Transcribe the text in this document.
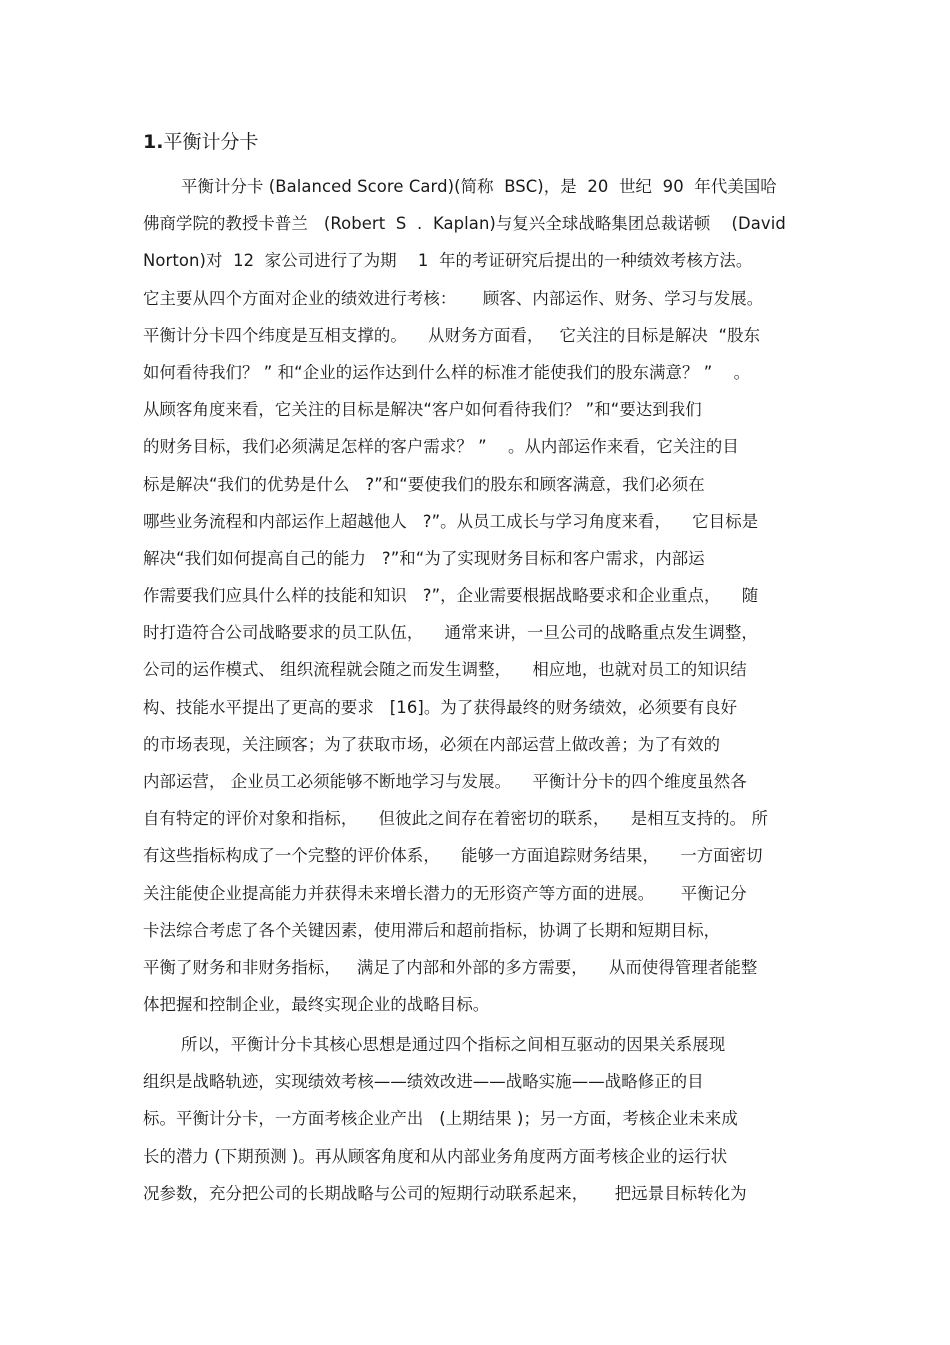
1.平衡计分卡
平衡计分卡 (Balanced Score Card)(简称  BSC)，是  20  世纪  90  年代美国哈
佛商学院的教授卡普兰   (Robert  S  .  Kaplan)与复兴全球战略集团总裁诺顿    (David
Norton)对  12  家公司进行了为期    1  年的考证研究后提出的一种绩效考核方法。
它主要从四个方面对企业的绩效进行考核：     顾客、内部运作、财务、学习与发展。
平衡计分卡四个纬度是互相支撑的。    从财务方面看，   它关注的目标是解决  “股东
如何看待我们？ ” 和“企业的运作达到什么样的标准才能使我们的股东满意？ ”    。
从顾客角度来看，它关注的目标是解决“客户如何看待我们？ ”和“要达到我们
的财务目标，我们必须满足怎样的客户需求？ ”    。从内部运作来看，它关注的目
标是解决“我们的优势是什么   ?”和“要使我们的股东和顾客满意，我们必须在
哪些业务流程和内部运作上超越他人   ?”。从员工成长与学习角度来看，    它目标是
解决“我们如何提高自己的能力   ?”和“为了实现财务目标和客户需求，内部运
作需要我们应具什么样的技能和知识   ?”，企业需要根据战略要求和企业重点，    随
时打造符合公司战略要求的员工队伍，    通常来讲，一旦公司的战略重点发生调整，
公司的运作模式、 组织流程就会随之而发生调整，    相应地，也就对员工的知识结
构、技能水平提出了更高的要求   [16]。为了获得最终的财务绩效，必须要有良好
的市场表现，关注顾客；为了获取市场，必须在内部运营上做改善；为了有效的
内部运营， 企业员工必须能够不断地学习与发展。    平衡计分卡的四个维度虽然各
自有特定的评价对象和指标，    但彼此之间存在着密切的联系，    是相互支持的。 所
有这些指标构成了一个完整的评价体系，    能够一方面追踪财务结果，    一方面密切
关注能使企业提高能力并获得未来增长潜力的无形资产等方面的进展。     平衡记分
卡法综合考虑了各个关键因素，使用滞后和超前指标，协调了长期和短期目标，
平衡了财务和非财务指标，   满足了内部和外部的多方需要，    从而使得管理者能整
体把握和控制企业，最终实现企业的战略目标。
所以，平衡计分卡其核心思想是通过四个指标之间相互驱动的因果关系展现
组织是战略轨迹，实现绩效考核——绩效改进——战略实施——战略修正的目
标。平衡计分卡，一方面考核企业产出   (上期结果 )；另一方面，考核企业未来成
长的潜力 (下期预测 )。再从顾客角度和从内部业务角度两方面考核企业的运行状
况参数，充分把公司的长期战略与公司的短期行动联系起来，     把远景目标转化为
